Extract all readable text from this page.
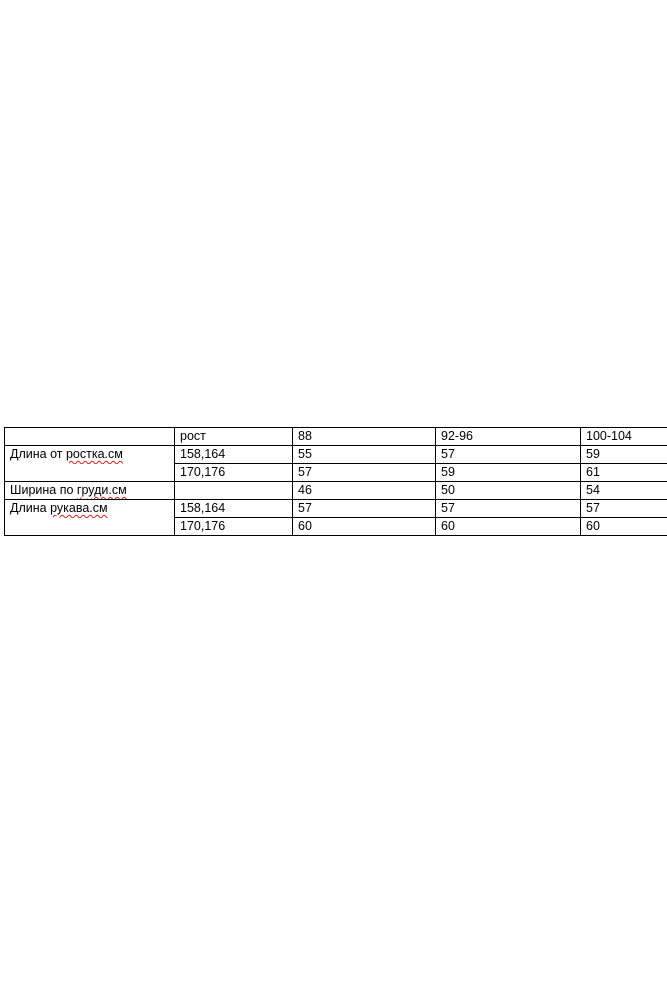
	рост	88	92-96	100-104
Длина от ростка.см	158,164	55	57	59
	170,176	57	59	61
Ширина по груди.см		46	50	54
Длина рукава.см	158,164	57	57	57
	170,176	60	60	60
